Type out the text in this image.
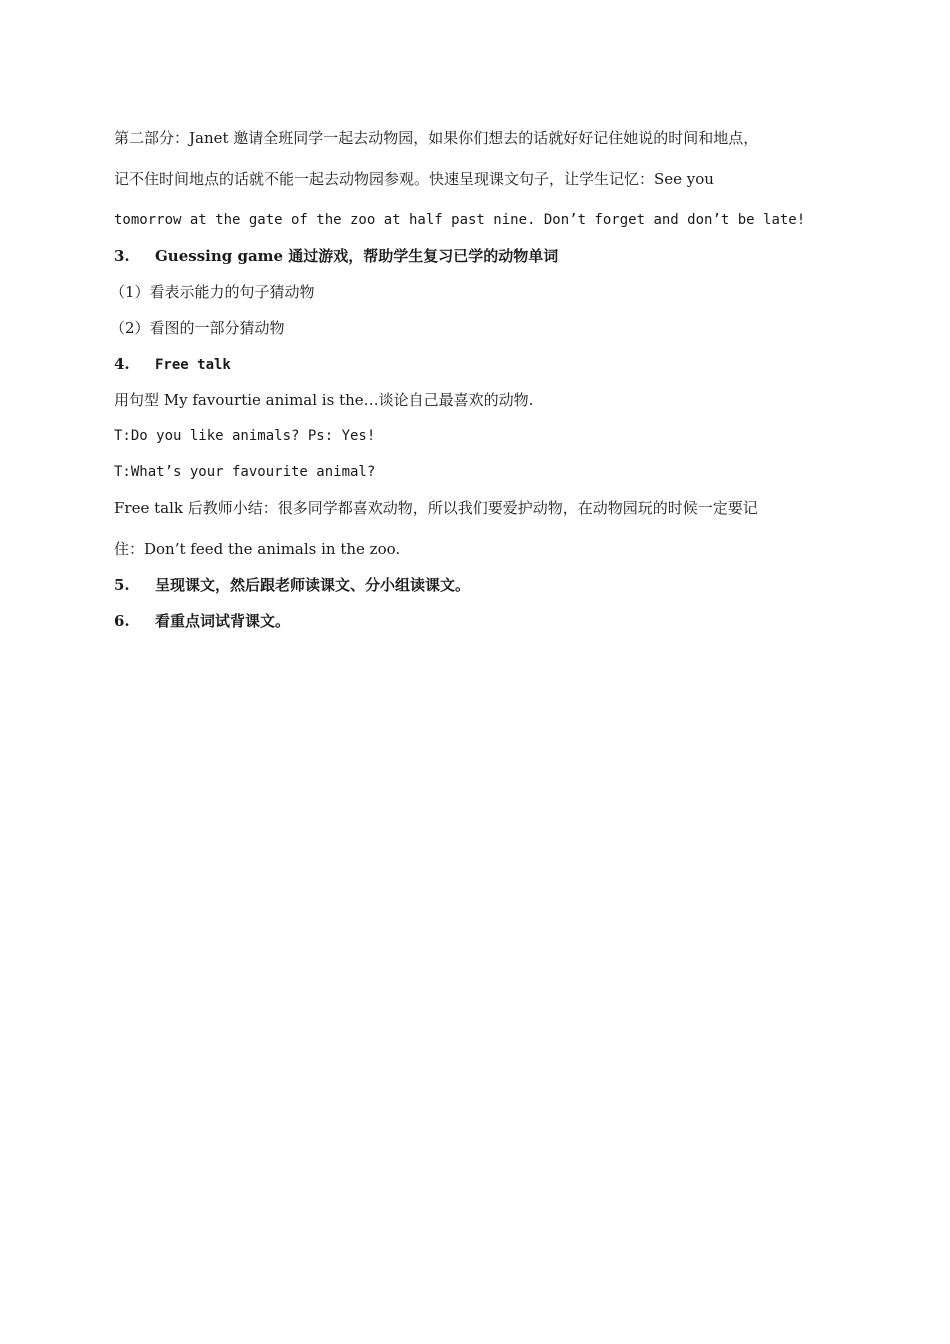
第二部分：Janet 邀请全班同学一起去动物园，如果你们想去的话就好好记住她说的时间和地点，
记不住时间地点的话就不能一起去动物园参观。快速呈现课文句子，让学生记忆：See you
tomorrow at the gate of the zoo at half past nine. Don’t forget and don’t be late!
3. Guessing game 通过游戏，帮助学生复习已学的动物单词
（1）看表示能力的句子猜动物
（2）看图的一部分猜动物
4. Free talk
用句型 My favourtie animal is the…谈论自己最喜欢的动物.
T:Do you like animals? Ps: Yes!
T:What’s your favourite animal?
Free talk 后教师小结：很多同学都喜欢动物，所以我们要爱护动物，在动物园玩的时候一定要记
住：Don’t feed the animals in the zoo.
5. 呈现课文，然后跟老师读课文、分小组读课文。
6. 看重点词试背课文。
